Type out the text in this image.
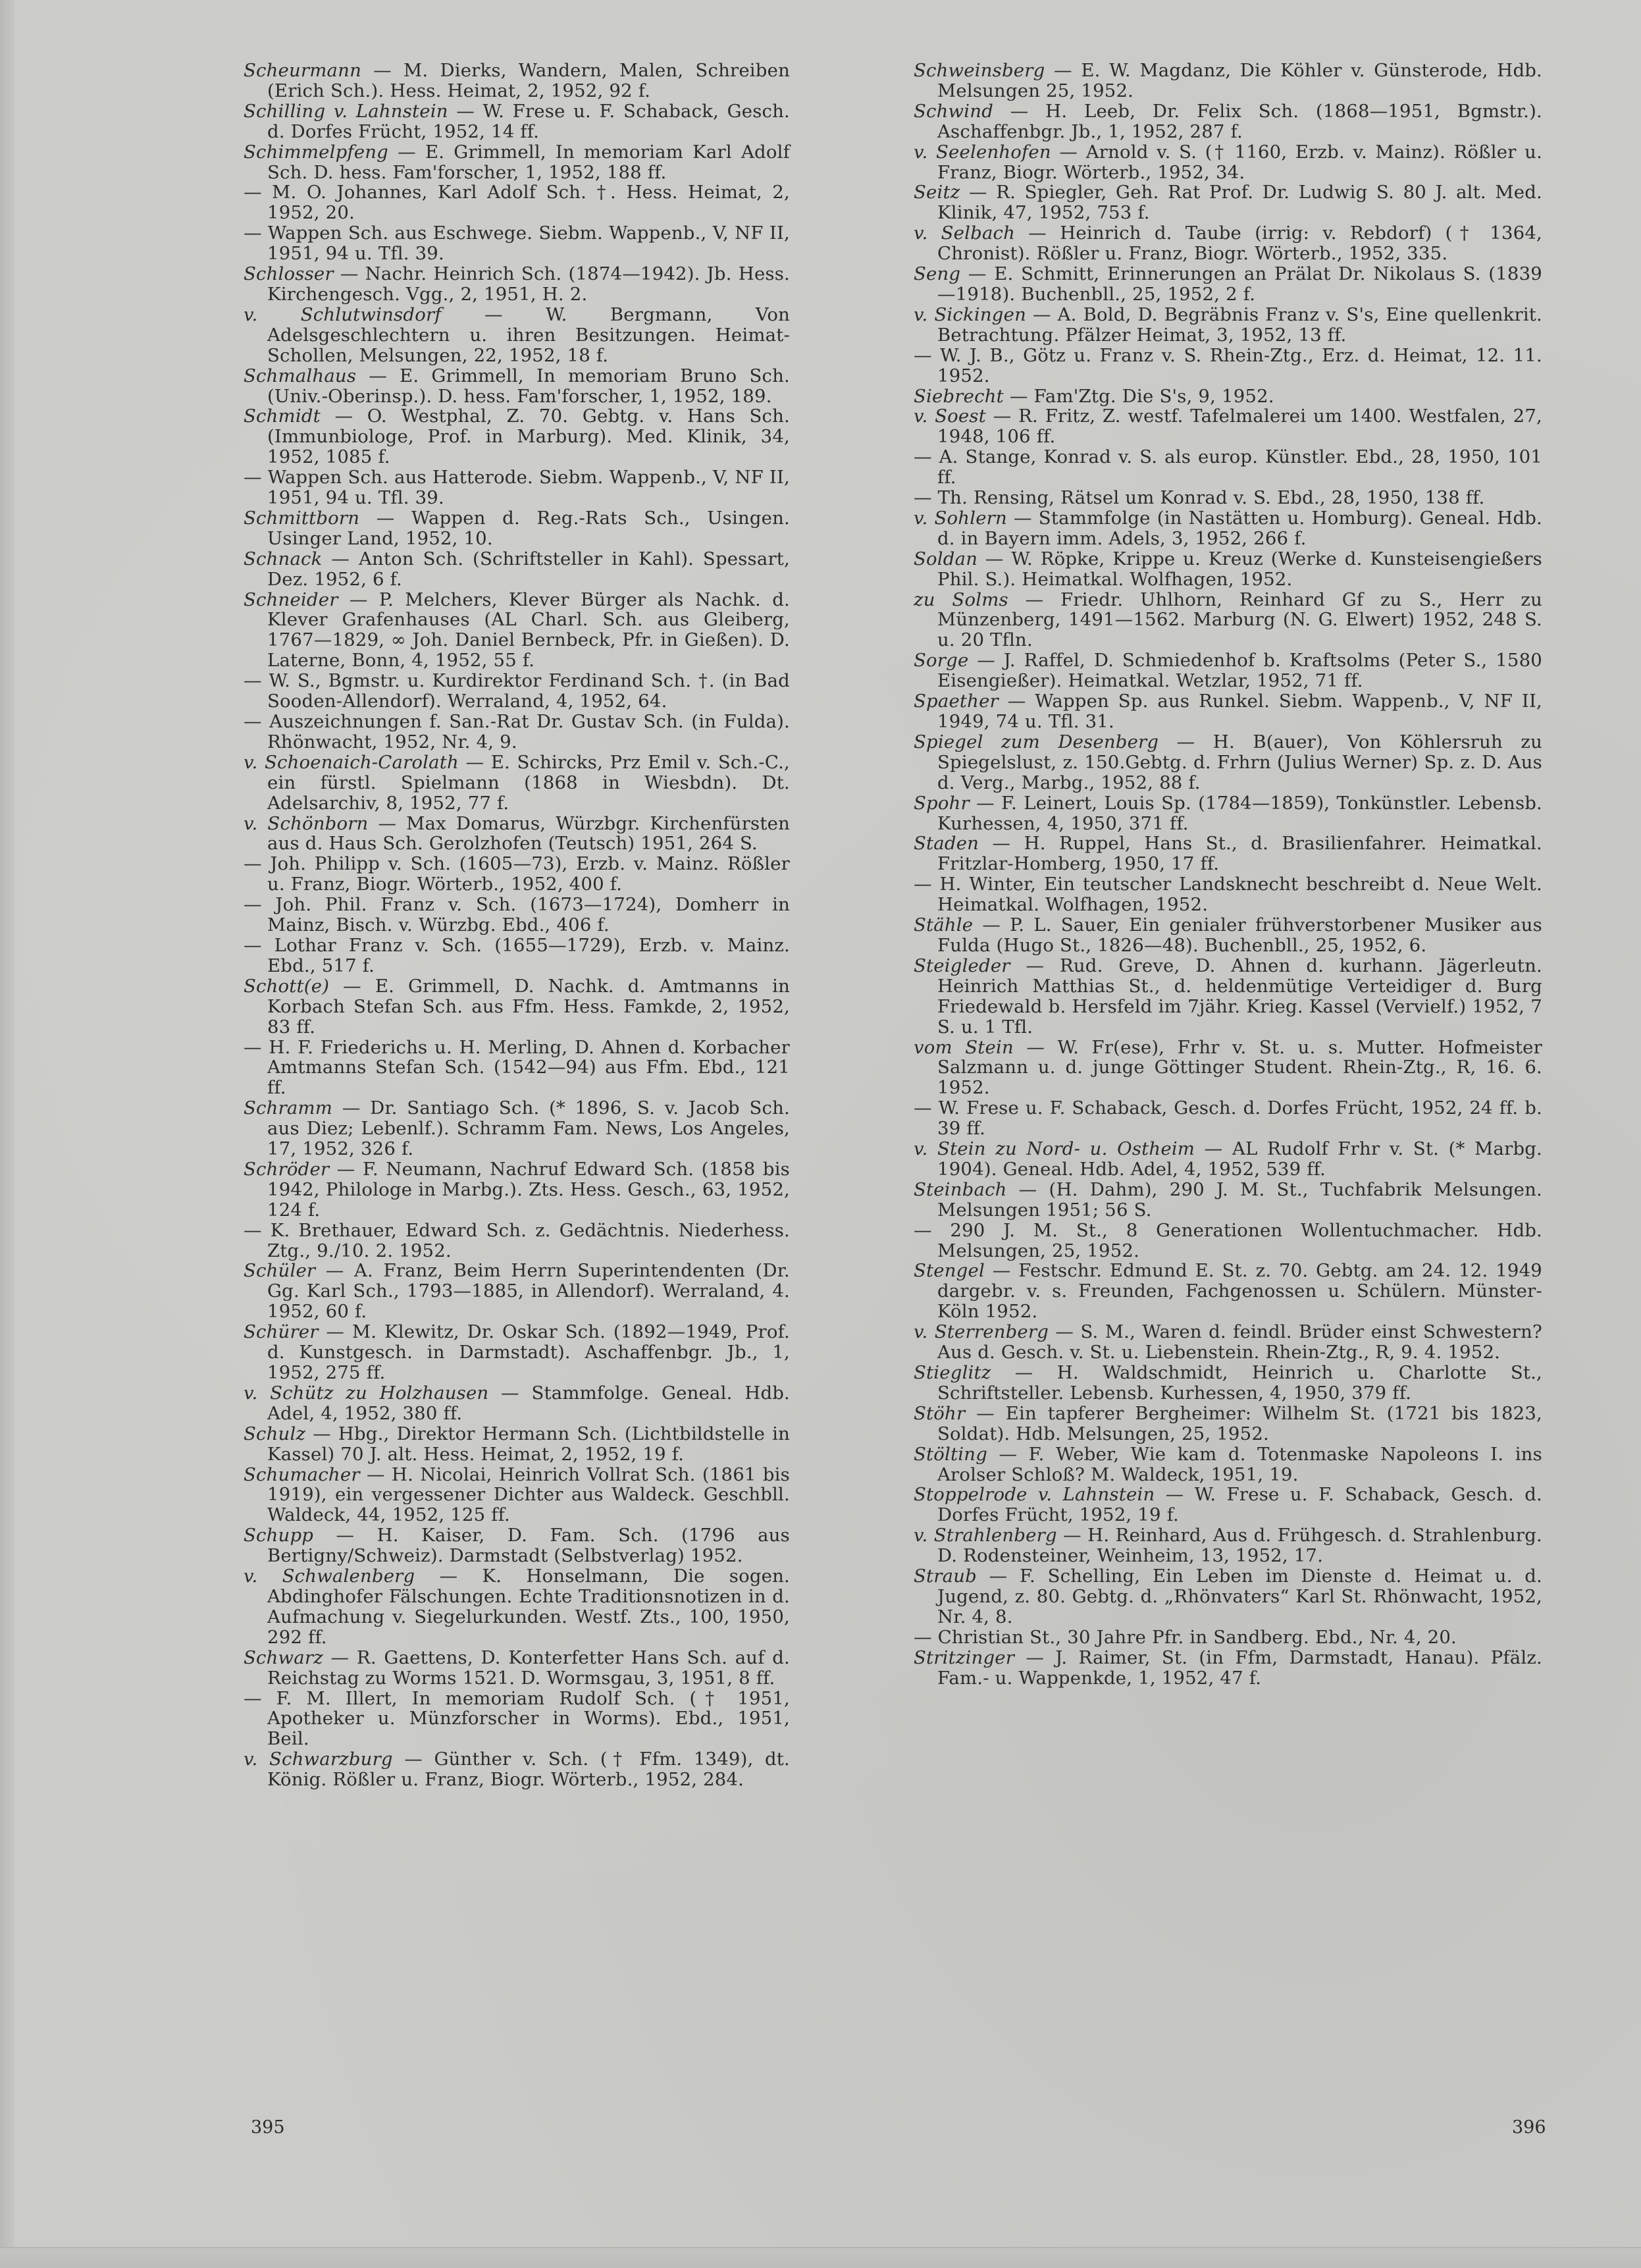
Scheurmann — M. Dierks, Wandern, Malen, Schreiben (Erich Sch.). Hess. Heimat, 2, 1952, 92 f.

Schilling v. Lahnstein — W. Frese u. F. Schaback, Gesch. d. Dorfes Frücht, 1952, 14 ff.

Schimmelpfeng — E. Grimmell, In memoriam Karl Adolf Sch. D. hess. Fam'forscher, 1, 1952, 188 ff.

— M. O. Johannes, Karl Adolf Sch. †. Hess. Heimat, 2, 1952, 20.

— Wappen Sch. aus Eschwege. Siebm. Wappenb., V, NF II, 1951, 94 u. Tfl. 39.

Schlosser — Nachr. Heinrich Sch. (1874—1942). Jb. Hess. Kirchengesch. Vgg., 2, 1951, H. 2.

v. Schlutwinsdorf — W. Bergmann, Von Adelsgeschlechtern u. ihren Besitzungen. Heimat-Schollen, Melsungen, 22, 1952, 18 f.

Schmalhaus — E. Grimmell, In memoriam Bruno Sch. (Univ.-Oberinsp.). D. hess. Fam'forscher, 1, 1952, 189.

Schmidt — O. Westphal, Z. 70. Gebtg. v. Hans Sch. (Immunbiologe, Prof. in Marburg). Med. Klinik, 34, 1952, 1085 f.

— Wappen Sch. aus Hatterode. Siebm. Wappenb., V, NF II, 1951, 94 u. Tfl. 39.

Schmittborn — Wappen d. Reg.-Rats Sch., Usingen. Usinger Land, 1952, 10.

Schnack — Anton Sch. (Schriftsteller in Kahl). Spessart, Dez. 1952, 6 f.

Schneider — P. Melchers, Klever Bürger als Nachk. d. Klever Grafenhauses (AL Charl. Sch. aus Gleiberg, 1767—1829, ∞ Joh. Daniel Bernbeck, Pfr. in Gießen). D. Laterne, Bonn, 4, 1952, 55 f.

— W. S., Bgmstr. u. Kurdirektor Ferdinand Sch. †. (in Bad Sooden-Allendorf). Werraland, 4, 1952, 64.

— Auszeichnungen f. San.-Rat Dr. Gustav Sch. (in Fulda). Rhönwacht, 1952, Nr. 4, 9.

v. Schoenaich-Carolath — E. Schircks, Prz Emil v. Sch.-C., ein fürstl. Spielmann (1868 in Wiesbdn). Dt. Adelsarchiv, 8, 1952, 77 f.

v. Schönborn — Max Domarus, Würzbgr. Kirchenfürsten aus d. Haus Sch. Gerolzhofen (Teutsch) 1951, 264 S.

— Joh. Philipp v. Sch. (1605—73), Erzb. v. Mainz. Rößler u. Franz, Biogr. Wörterb., 1952, 400 f.

— Joh. Phil. Franz v. Sch. (1673—1724), Domherr in Mainz, Bisch. v. Würzbg. Ebd., 406 f.

— Lothar Franz v. Sch. (1655—1729), Erzb. v. Mainz. Ebd., 517 f.

Schott(e) — E. Grimmell, D. Nachk. d. Amtmanns in Korbach Stefan Sch. aus Ffm. Hess. Famkde, 2, 1952, 83 ff.

— H. F. Friederichs u. H. Merling, D. Ahnen d. Korbacher Amtmanns Stefan Sch. (1542—94) aus Ffm. Ebd., 121 ff.

Schramm — Dr. Santiago Sch. (* 1896, S. v. Jacob Sch. aus Diez; Lebenlf.). Schramm Fam. News, Los Angeles, 17, 1952, 326 f.

Schröder — F. Neumann, Nachruf Edward Sch. (1858 bis 1942, Philologe in Marbg.). Zts. Hess. Gesch., 63, 1952, 124 f.

— K. Brethauer, Edward Sch. z. Gedächtnis. Niederhess. Ztg., 9./10. 2. 1952.

Schüler — A. Franz, Beim Herrn Superintendenten (Dr. Gg. Karl Sch., 1793—1885, in Allendorf). Werraland, 4. 1952, 60 f.

Schürer — M. Klewitz, Dr. Oskar Sch. (1892—1949, Prof. d. Kunstgesch. in Darmstadt). Aschaffenbgr. Jb., 1, 1952, 275 ff.

v. Schütz zu Holzhausen — Stammfolge. Geneal. Hdb. Adel, 4, 1952, 380 ff.

Schulz — Hbg., Direktor Hermann Sch. (Lichtbildstelle in Kassel) 70 J. alt. Hess. Heimat, 2, 1952, 19 f.

Schumacher — H. Nicolai, Heinrich Vollrat Sch. (1861 bis 1919), ein vergessener Dichter aus Waldeck. Geschbll. Waldeck, 44, 1952, 125 ff.

Schupp — H. Kaiser, D. Fam. Sch. (1796 aus Bertigny/Schweiz). Darmstadt (Selbstverlag) 1952.

v. Schwalenberg — K. Honselmann, Die sogen. Abdinghofer Fälschungen. Echte Traditionsnotizen in d. Aufmachung v. Siegelurkunden. Westf. Zts., 100, 1950, 292 ff.

Schwarz — R. Gaettens, D. Konterfetter Hans Sch. auf d. Reichstag zu Worms 1521. D. Wormsgau, 3, 1951, 8 ff.

— F. M. Illert, In memoriam Rudolf Sch. († 1951, Apotheker u. Münzforscher in Worms). Ebd., 1951, Beil.

v. Schwarzburg — Günther v. Sch. († Ffm. 1349), dt. König. Rößler u. Franz, Biogr. Wörterb., 1952, 284.

Schweinsberg — E. W. Magdanz, Die Köhler v. Günsterode, Hdb. Melsungen 25, 1952.

Schwind — H. Leeb, Dr. Felix Sch. (1868—1951, Bgmstr.). Aschaffenbgr. Jb., 1, 1952, 287 f.

v. Seelenhofen — Arnold v. S. († 1160, Erzb. v. Mainz). Rößler u. Franz, Biogr. Wörterb., 1952, 34.

Seitz — R. Spiegler, Geh. Rat Prof. Dr. Ludwig S. 80 J. alt. Med. Klinik, 47, 1952, 753 f.

v. Selbach — Heinrich d. Taube (irrig: v. Rebdorf) († 1364, Chronist). Rößler u. Franz, Biogr. Wörterb., 1952, 335.

Seng — E. Schmitt, Erinnerungen an Prälat Dr. Nikolaus S. (1839—1918). Buchenbll., 25, 1952, 2 f.

v. Sickingen — A. Bold, D. Begräbnis Franz v. S's, Eine quellenkrit. Betrachtung. Pfälzer Heimat, 3, 1952, 13 ff.

— W. J. B., Götz u. Franz v. S. Rhein-Ztg., Erz. d. Heimat, 12. 11. 1952.

Siebrecht — Fam'Ztg. Die S's, 9, 1952.

v. Soest — R. Fritz, Z. westf. Tafelmalerei um 1400. Westfalen, 27, 1948, 106 ff.

— A. Stange, Konrad v. S. als europ. Künstler. Ebd., 28, 1950, 101 ff.

— Th. Rensing, Rätsel um Konrad v. S. Ebd., 28, 1950, 138 ff.

v. Sohlern — Stammfolge (in Nastätten u. Homburg). Geneal. Hdb. d. in Bayern imm. Adels, 3, 1952, 266 f.

Soldan — W. Röpke, Krippe u. Kreuz (Werke d. Kunsteisengießers Phil. S.). Heimatkal. Wolfhagen, 1952.

zu Solms — Friedr. Uhlhorn, Reinhard Gf zu S., Herr zu Münzenberg, 1491—1562. Marburg (N. G. Elwert) 1952, 248 S. u. 20 Tfln.

Sorge — J. Raffel, D. Schmiedenhof b. Kraftsolms (Peter S., 1580 Eisengießer). Heimatkal. Wetzlar, 1952, 71 ff.

Spaether — Wappen Sp. aus Runkel. Siebm. Wappenb., V, NF II, 1949, 74 u. Tfl. 31.

Spiegel zum Desenberg — H. B(auer), Von Köhlersruh zu Spiegelslust, z. 150.Gebtg. d. Frhrn (Julius Werner) Sp. z. D. Aus d. Verg., Marbg., 1952, 88 f.

Spohr — F. Leinert, Louis Sp. (1784—1859), Tonkünstler. Lebensb. Kurhessen, 4, 1950, 371 ff.

Staden — H. Ruppel, Hans St., d. Brasilienfahrer. Heimatkal. Fritzlar-Homberg, 1950, 17 ff.

— H. Winter, Ein teutscher Landsknecht beschreibt d. Neue Welt. Heimatkal. Wolfhagen, 1952.

Stähle — P. L. Sauer, Ein genialer frühverstorbener Musiker aus Fulda (Hugo St., 1826—48). Buchenbll., 25, 1952, 6.

Steigleder — Rud. Greve, D. Ahnen d. kurhann. Jägerleutn. Heinrich Matthias St., d. heldenmütige Verteidiger d. Burg Friedewald b. Hersfeld im 7jähr. Krieg. Kassel (Vervielf.) 1952, 7 S. u. 1 Tfl.

vom Stein — W. Fr(ese), Frhr v. St. u. s. Mutter. Hofmeister Salzmann u. d. junge Göttinger Student. Rhein-Ztg., R, 16. 6. 1952.

— W. Frese u. F. Schaback, Gesch. d. Dorfes Frücht, 1952, 24 ff. b. 39 ff.

v. Stein zu Nord- u. Ostheim — AL Rudolf Frhr v. St. (* Marbg. 1904). Geneal. Hdb. Adel, 4, 1952, 539 ff.

Steinbach — (H. Dahm), 290 J. M. St., Tuchfabrik Melsungen. Melsungen 1951; 56 S.

— 290 J. M. St., 8 Generationen Wollentuchmacher. Hdb. Melsungen, 25, 1952.

Stengel — Festschr. Edmund E. St. z. 70. Gebtg. am 24. 12. 1949 dargebr. v. s. Freunden, Fachgenossen u. Schülern. Münster-Köln 1952.

v. Sterrenberg — S. M., Waren d. feindl. Brüder einst Schwestern? Aus d. Gesch. v. St. u. Liebenstein. Rhein-Ztg., R, 9. 4. 1952.

Stieglitz — H. Waldschmidt, Heinrich u. Charlotte St., Schriftsteller. Lebensb. Kurhessen, 4, 1950, 379 ff.

Stöhr — Ein tapferer Bergheimer: Wilhelm St. (1721 bis 1823, Soldat). Hdb. Melsungen, 25, 1952.

Stölting — F. Weber, Wie kam d. Totenmaske Napoleons I. ins Arolser Schloß? M. Waldeck, 1951, 19.

Stoppelrode v. Lahnstein — W. Frese u. F. Schaback, Gesch. d. Dorfes Frücht, 1952, 19 f.

v. Strahlenberg — H. Reinhard, Aus d. Frühgesch. d. Strahlenburg. D. Rodensteiner, Weinheim, 13, 1952, 17.

Straub — F. Schelling, Ein Leben im Dienste d. Heimat u. d. Jugend, z. 80. Gebtg. d. „Rhönvaters“ Karl St. Rhönwacht, 1952, Nr. 4, 8.

— Christian St., 30 Jahre Pfr. in Sandberg. Ebd., Nr. 4, 20.

Stritzinger — J. Raimer, St. (in Ffm, Darmstadt, Hanau). Pfälz. Fam.- u. Wappenkde, 1, 1952, 47 f.

395	396
